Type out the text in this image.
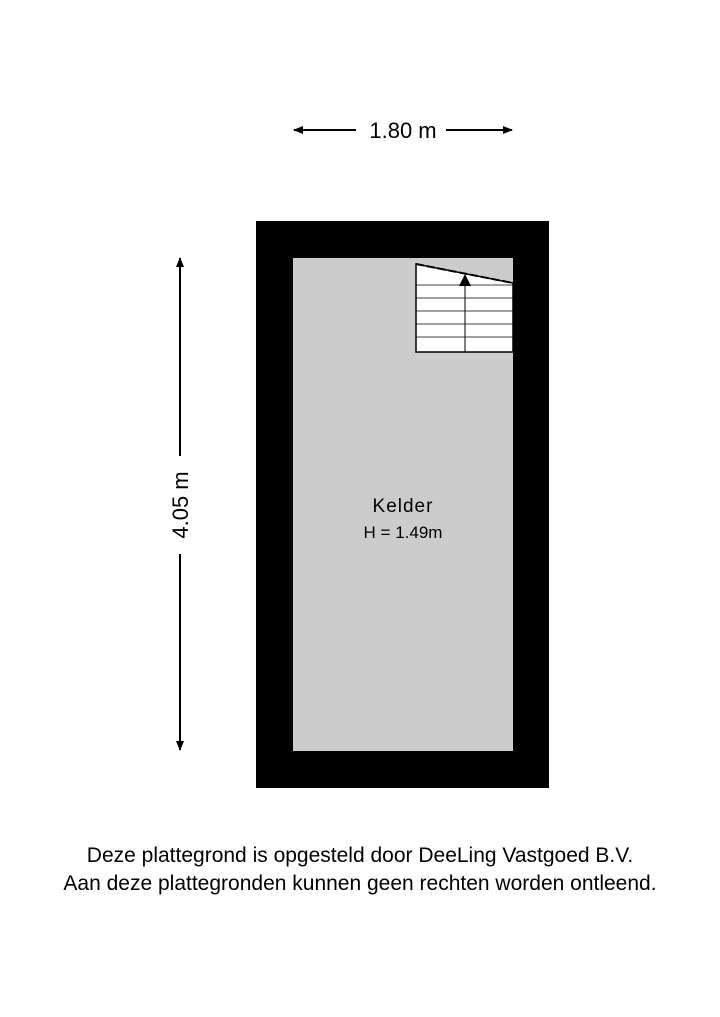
1.80 m
4.05 m	Kelder
H = 1.49m
Deze plattegrond is opgesteld door DeeLing Vastgoed B.V.
Aan deze plattegronden kunnen geen rechten worden ontleend.
